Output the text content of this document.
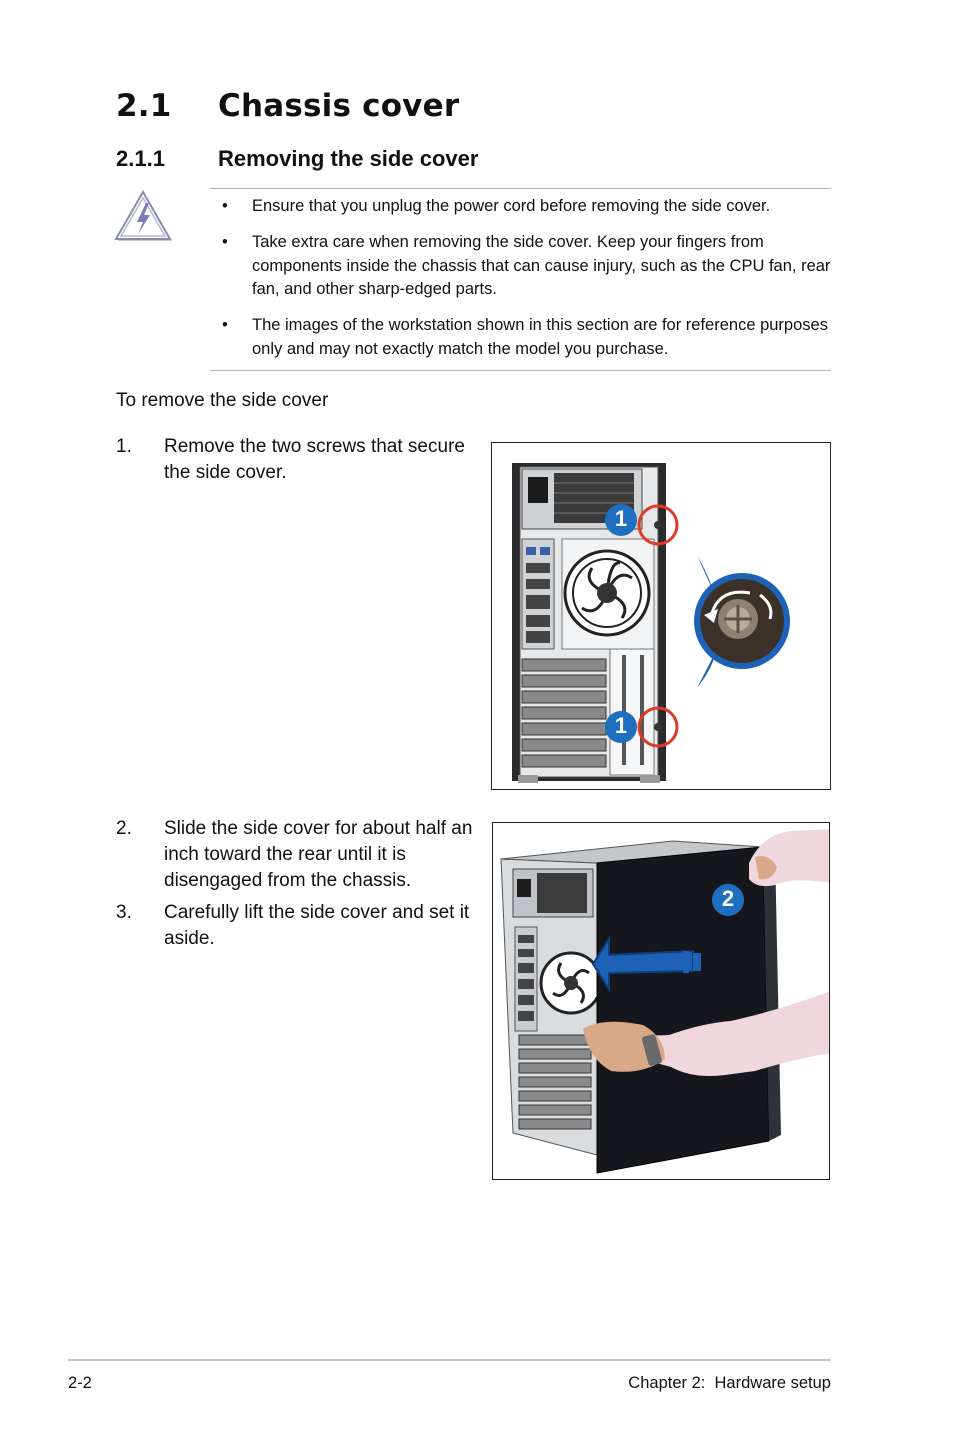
2.1 Chassis cover
2.1.1 Removing the side cover
• Ensure that you unplug the power cord before removing the side cover.
• Take extra care when removing the side cover. Keep your fingers from components inside the chassis that can cause injury, such as the CPU fan, rear fan, and other sharp-edged parts.
• The images of the workstation shown in this section are for reference purposes only and may not exactly match the model you purchase.
To remove the side cover
1. Remove the two screws that secure the side cover.
2. Slide the side cover for about half an inch toward the rear until it is disengaged from the chassis.
3. Carefully lift the side cover and set it aside.
1
1
2
2-2	Chapter 2:  Hardware setup
